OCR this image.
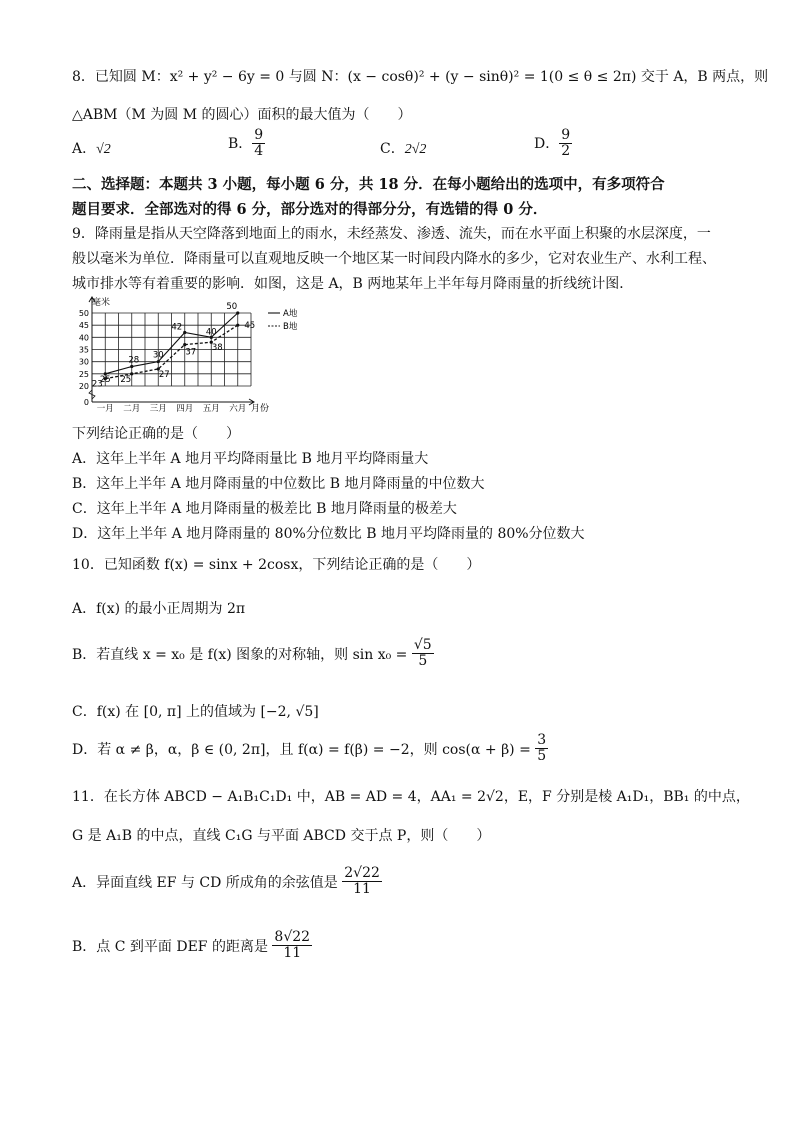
8．已知圆 M：x² + y² − 6y = 0 与圆 N：(x − cosθ)² + (y − sinθ)² = 1(0 ≤ θ ≤ 2π) 交于 A，B 两点，则
△ABM（M 为圆 M 的圆心）面积的最大值为（　　）
A．√2	B． $\frac{9}{4}$	C．2√2	D． $\frac{9}{2}$
二、选择题：本题共 3 小题，每小题 6 分，共 18 分．在每小题给出的选项中，有多项符合
题目要求．全部选对的得 6 分，部分选对的得部分分，有选错的得 0 分．
9．降雨量是指从天空降落到地面上的雨水，未经蒸发、渗透、流失，而在水平面上积聚的水层深度，一
般以毫米为单位．降雨量可以直观地反映一个地区某一时间段内降水的多少，它对农业生产、水利工程、
城市排水等有着重要的影响．如图，这是 A，B 两地某年上半年每月降雨量的折线统计图．
0
20
25
30
35
40
45
50
一月 二月 三月 四月 五月 六月
25
28 30
42	40
50
23 25	27
37 38
45
毫米
月份
A地
B地
下列结论正确的是（　　）
A．这年上半年 A 地月平均降雨量比 B 地月平均降雨量大
B．这年上半年 A 地月降雨量的中位数比 B 地月降雨量的中位数大
C．这年上半年 A 地月降雨量的极差比 B 地月降雨量的极差大
D．这年上半年 A 地月降雨量的 80%分位数比 B 地月平均降雨量的 80%分位数大
10．已知函数 f(x) = sinx + 2cosx，下列结论正确的是（　　）
A．f(x) 的最小正周期为 2π
B．若直线 x = x₀ 是 f(x) 图象的对称轴，则 $\sin x_0 = \frac{√5}{5}$
C．f(x) 在 [0, π] 上的值域为 [−2, √5]
D．若 α ≠ β，α，β ∈ (0, 2π]，且 f(α) = f(β) = −2，则 $\cos(\alpha + \beta) = \frac{3}{5}$
11．在长方体 ABCD − A₁B₁C₁D₁ 中，AB = AD = 4，AA₁ = 2√2，E，F 分别是棱 A₁D₁，BB₁ 的中点，
G 是 A₁B 的中点，直线 C₁G 与平面 ABCD 交于点 P，则（　　）
A．异面直线 EF 与 CD 所成角的余弦值是 $\frac{2√22}{11}$
B．点 C 到平面 DEF 的距离是 $\frac{8√22}{11}$
